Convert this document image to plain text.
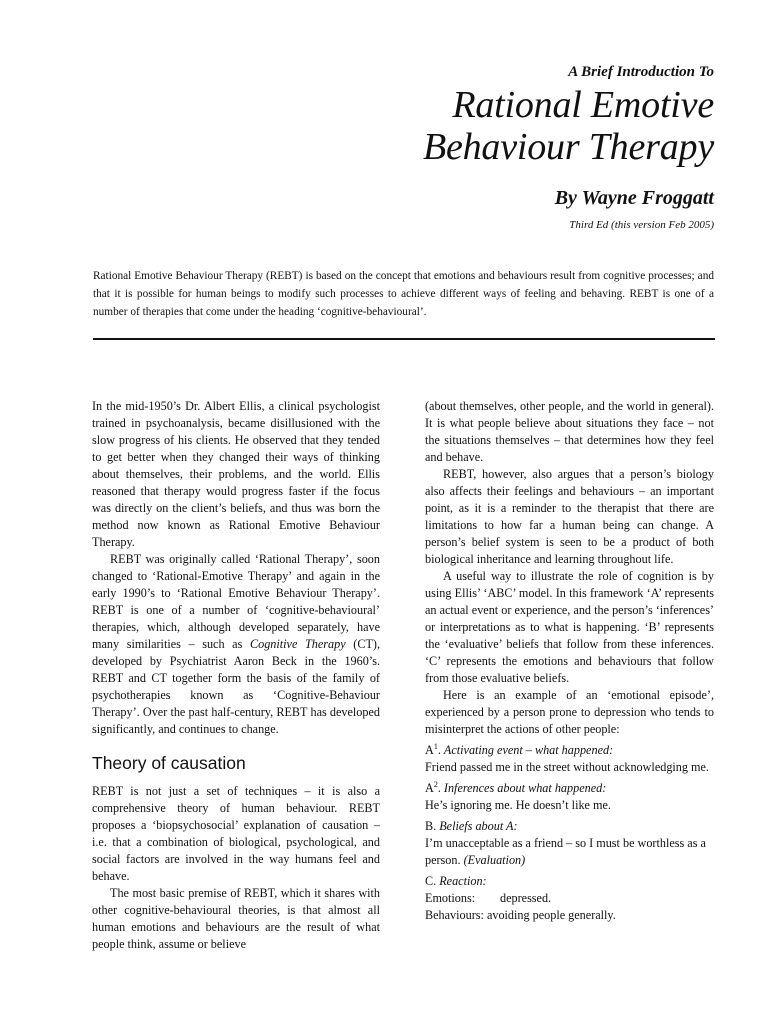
A Brief Introduction To

Rational Emotive
Behaviour Therapy

By Wayne Froggatt

Third Ed (this version Feb 2005)

Rational Emotive Behaviour Therapy (REBT) is based on the concept that emotions and behaviours result from cognitive processes; and that it is possible for human beings to modify such processes to achieve different ways of feeling and behaving. REBT is one of a number of therapies that come under the heading ‘cognitive-behavioural’.

In the mid-1950’s Dr. Albert Ellis, a clinical psychologist trained in psychoanalysis, became disillusioned with the slow progress of his clients. He observed that they tended to get better when they changed their ways of thinking about themselves, their problems, and the world. Ellis reasoned that therapy would progress faster if the focus was directly on the client’s beliefs, and thus was born the method now known as Rational Emotive Behaviour Therapy.

REBT was originally called ‘Rational Therapy’, soon changed to ‘Rational-Emotive Therapy’ and again in the early 1990’s to ‘Rational Emotive Behaviour Therapy’. REBT is one of a number of ‘cognitive-behavioural’ therapies, which, although developed separately, have many similarities – such as Cognitive Therapy (CT), developed by Psychiatrist Aaron Beck in the 1960’s. REBT and CT together form the basis of the family of psychotherapies known as ‘Cognitive-Behaviour Therapy’. Over the past half-century, REBT has developed significantly, and continues to change.

Theory of causation

REBT is not just a set of techniques – it is also a comprehensive theory of human behaviour. REBT proposes a ‘biopsychosocial’ explanation of causation – i.e. that a combination of biological, psychological, and social factors are involved in the way humans feel and behave.

The most basic premise of REBT, which it shares with other cognitive-behavioural theories, is that almost all human emotions and behaviours are the result of what people think, assume or believe

(about themselves, other people, and the world in general). It is what people believe about situations they face – not the situations themselves – that determines how they feel and behave.

REBT, however, also argues that a person’s biology also affects their feelings and behaviours – an important point, as it is a reminder to the therapist that there are limitations to how far a human being can change. A person’s belief system is seen to be a product of both biological inheritance and learning throughout life.

A useful way to illustrate the role of cognition is by using Ellis’ ‘ABC’ model. In this framework ‘A’ represents an actual event or experience, and the person’s ‘inferences’ or interpretations as to what is happening. ‘B’ represents the ‘evaluative’ beliefs that follow from these inferences. ‘C’ represents the emotions and behaviours that follow from those evaluative beliefs.

Here is an example of an ‘emotional episode’, experienced by a person prone to depression who tends to misinterpret the actions of other people:

$A^1$. Activating event – what happened:

Friend passed me in the street without acknowledging me.

$A^2$. Inferences about what happened:

He’s ignoring me. He doesn’t like me.

B. Beliefs about A:

I’m unacceptable as a friend – so I must be worthless as a person. (Evaluation)

C. Reaction:

Emotions: depressed.

Behaviours: avoiding people generally.
